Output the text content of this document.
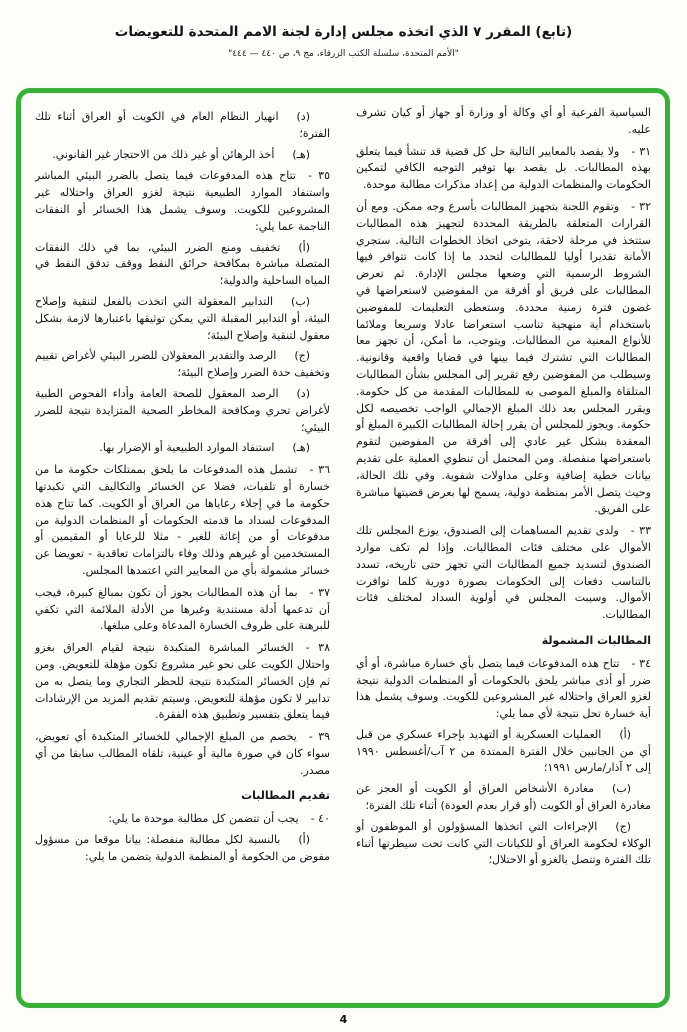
(تابع) المقرر ٧ الذي اتخذه مجلس إدارة لجنة الامم المتحدة للتعويضات
"الأمم المتحدة، سلسلة الكتب الزرقاء، مج ٩، ص ٤٤٠ — ٤٤٤"
السياسية الفرعية أو أي وكالة أو وزارة أو جهاز أو كيان تشرف عليه.
٣١ -ولا يقصد بالمعايير التالية حل كل قضية قد تنشأ فيما يتعلق بهذه المطالبات. بل يقصد بها توفير التوجيه الكافي لتمكين الحكومات والمنظمات الدولية من إعداد مذكرات مطالبة موحدة.
٣٢ -وتقوم اللجنة بتجهيز المطالبات بأسرع وجه ممكن. ومع أن القرارات المتعلقة بالطريقة المحددة لتجهيز هذه المطالبات ستتخذ في مرحلة لاحقة، يتوخى اتخاذ الخطوات التالية. ستجري الأمانة تقديرا أوليا للمطالبات لتحدد ما إذا كانت تتوافر فيها الشروط الرسمية التي وضعها مجلس الإدارة. ثم تعرض المطالبات على فريق أو أفرقة من المفوضين لاستعراضها في غضون فترة زمنية محددة. وستعطى التعليمات للمفوضين باستخدام أية منهجية تناسب استعراضا عادلا وسريعا وملائما للأنواع المعنية من المطالبات. ويتوجب، ما أمكن، أن تجهز معا المطالبات التي تشترك فيما بينها في قضايا واقعية وقانونية. وسيطلب من المفوضين رفع تقرير إلى المجلس بشأن المطالبات المتلقاة والمبلغ الموصى به للمطالبات المقدمة من كل حكومة. ويقرر المجلس بعد ذلك المبلغ الإجمالي الواجب تخصيصه لكل حكومة. ويجوز للمجلس أن يقرر إحالة المطالبات الكبيرة المبلغ أو المعقدة بشكل غير عادي إلى أفرقة من المفوضين لتقوم باستعراضها منفصلة. ومن المحتمل أن تنطوي العملية على تقديم بيانات خطية إضافية وعلى مداولات شفوية. وفي تلك الحالة، وحيث يتصل الأمر بمنظمة دولية، يسمح لها بعرض قضيتها مباشرة على الفريق.
٣٣ -ولدى تقديم المساهمات إلى الصندوق، يوزع المجلس تلك الأموال على مختلف فئات المطالبات. وإذا لم تكف موارد الصندوق لتسديد جميع المطالبات التي تجهز حتى تاريخه، تسدد بالتناسب دفعات إلى الحكومات بصورة دورية كلما توافرت الأموال. وسيبت المجلس في أولوية السداد لمختلف فئات المطالبات.
المطالبات المشمولة
٣٤ -تتاح هذه المدفوعات فيما يتصل بأي خسارة مباشرة، أو أي ضرر أو أذى مباشر يلحق بالحكومات أو المنظمات الدولية نتيجة لغزو العراق واحتلاله غير المشروعين للكويت. وسوف يشمل هذا أية خسارة تحل نتيجة لأي مما يلي:
(أ)العمليات العسكرية أو التهديد بإجراء عسكري من قبل أي من الجانبين خلال الفترة الممتدة من ٢ آب/أغسطس ١٩٩٠ إلى ٢ آذار/مارس ١٩٩١؛
(ب)مغادرة الأشخاص العراق أو الكويت أو العجز عن مغادرة العراق أو الكويت (أو قرار بعدم العودة) أثناء تلك الفترة؛
(ج)الإجراءات التي اتخذها المسؤولون أو الموظفون أو الوكلاء لحكومة العراق أو للكيانات التي كانت تحت سيطرتها أثناء تلك الفترة وتتصل بالغزو أو الاحتلال؛
(د)انهيار النظام العام في الكويت أو العراق أثناء تلك الفترة؛
(هـ)أخذ الرهائن أو غير ذلك من الاحتجاز غير القانوني.
٣٥ -تتاح هذه المدفوعات فيما يتصل بالضرر البيئي المباشر واستنفاد الموارد الطبيعية نتيجة لغزو العراق واحتلاله غير المشروعين للكويت. وسوف يشمل هذا الخسائر أو النفقات الناجمة عما يلي:
(أ)تخفيف ومنع الضرر البيئي، بما في ذلك النفقات المتصلة مباشرة بمكافحة حرائق النفط ووقف تدفق النفط في المياه الساحلية والدولية؛
(ب)التدابير المعقولة التي اتخذت بالفعل لتنقية وإصلاح البيئة، أو التدابير المقبلة التي يمكن توثيقها باعتبارها لازمة بشكل معقول لتنقية وإصلاح البيئة؛
(ج)الرصد والتقدير المعقولان للضرر البيئي لأغراض تقييم وتخفيف حدة الضرر وإصلاح البيئة؛
(د)الرصد المعقول للصحة العامة وأداء الفحوص الطبية لأغراض تحري ومكافحة المخاطر الصحية المتزايدة نتيجة للضرر البيئي؛
(هـ)استنفاد الموارد الطبيعية أو الإضرار بها.
٣٦ -تشمل هذه المدفوعات ما يلحق بممتلكات حكومة ما من خسارة أو تلفيات، فضلا عن الخسائر والتكاليف التي تكبدتها حكومة ما في إجلاء رعاياها من العراق أو الكويت. كما تتاح هذه المدفوعات لسداد ما قدمته الحكومات أو المنظمات الدولية من مدفوعات أو من إغاثة للغير - مثلا للرعايا أو المقيمين أو المستخدمين أو غيرهم وذلك وفاء بالتزامات تعاقدية - تعويضا عن خسائر مشمولة بأي من المعايير التي اعتمدها المجلس.
٣٧ -بما أن هذه المطالبات يجوز أن تكون بمبالغ كبيرة، فيجب أن تدعمها أدلة مستندية وغيرها من الأدلة الملائمة التي تكفي للبرهنة على ظروف الخسارة المدعاة وعلى مبلغها.
٣٨ -الخسائر المباشرة المتكبدة نتيجة لقيام العراق بغزو واحتلال الكويت على نحو غير مشروع تكون مؤهلة للتعويض. ومن ثم فإن الخسائر المتكبدة نتيجة للحظر التجاري وما يتصل به من تدابير لا تكون مؤهلة للتعويض. وسيتم تقديم المزيد من الإرشادات فيما يتعلق بتفسير وتطبيق هذه الفقرة.
٣٩ -يخصم من المبلغ الإجمالي للخسائر المتكبدة أي تعويض، سواء كان في صورة مالية أو عينية، تلقاه المطالب سابقا من أي مصدر.
تقديم المطالبات
٤٠ -يجب أن تتضمن كل مطالبة موحدة ما يلي:
(أ)بالنسبة لكل مطالبة منفصلة: بيانا موقعا من مسؤول مفوض من الحكومة أو المنظمة الدولية يتضمن ما يلي:
4
